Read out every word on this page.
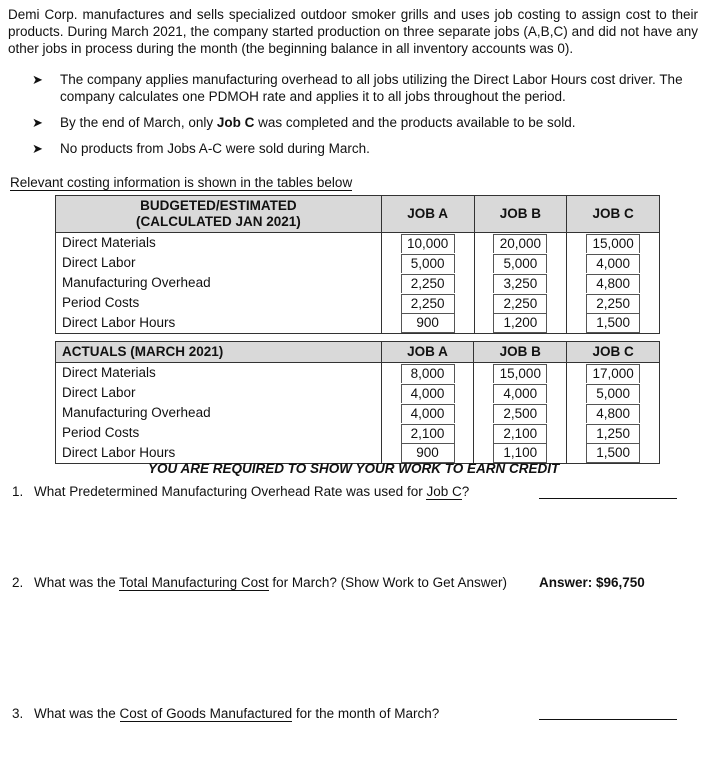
Demi Corp. manufactures and sells specialized outdoor smoker grills and uses job costing to assign cost to their products. During March 2021, the company started production on three separate jobs (A,B,C) and did not have any other jobs in process during the month (the beginning balance in all inventory accounts was 0).
➤ The company applies manufacturing overhead to all jobs utilizing the Direct Labor Hours cost driver. The company calculates one PDMOH rate and applies it to all jobs throughout the period.
➤ By the end of March, only Job C was completed and the products available to be sold.
➤ No products from Jobs A-C were sold during March.
Relevant costing information is shown in the tables below
BUDGETED/ESTIMATED
(CALCULATED JAN 2021)	JOB A	JOB B	JOB C
Direct Materials	10,000	20,000	15,000
Direct Labor	5,000	5,000	4,000
Manufacturing Overhead	2,250	3,250	4,800
Period Costs	2,250	2,250	2,250
Direct Labor Hours	900	1,200	1,500
ACTUALS (MARCH 2021)	JOB A	JOB B	JOB C
Direct Materials	8,000	15,000	17,000
Direct Labor	4,000	4,000	5,000
Manufacturing Overhead	4,000	2,500	4,800
Period Costs	2,100	2,100	1,250
Direct Labor Hours	900	1,100	1,500
YOU ARE REQUIRED TO SHOW YOUR WORK TO EARN CREDIT
1. What Predetermined Manufacturing Overhead Rate was used for Job C?
2. What was the Total Manufacturing Cost for March? (Show Work to Get Answer) Answer: $96,750
3. What was the Cost of Goods Manufactured for the month of March?
